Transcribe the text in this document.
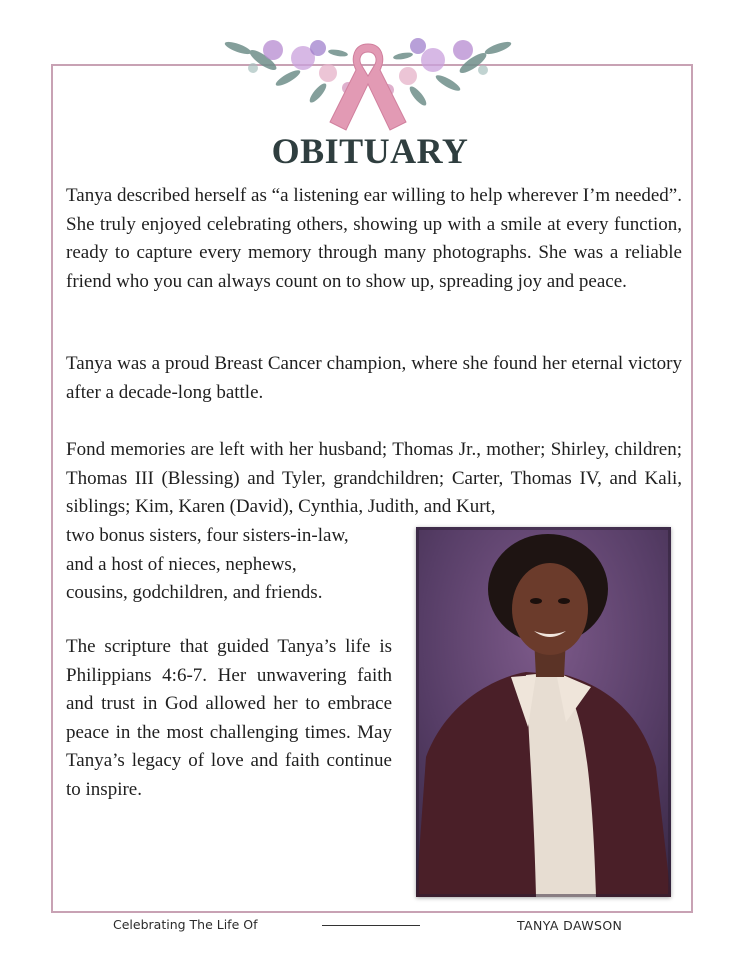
OBITUARY
Tanya described herself as “a listening ear willing to help wherever I’m needed”. She truly enjoyed celebrating others, showing up with a smile at every function, ready to capture every memory through many photographs. She was a reliable friend who you can always count on to show up, spreading joy and peace.
Tanya was a proud Breast Cancer champion, where she found her eternal victory after a decade-long battle.
Fond memories are left with her husband; Thomas Jr., mother; Shirley, children; Thomas III (Blessing) and Tyler, grandchildren; Carter, Thomas IV, and Kali, siblings; Kim, Karen (David), Cynthia, Judith, and Kurt,
two bonus sisters, four sisters-in-law,
and a host of nieces, nephews,
cousins, godchildren, and friends.
The scripture that guided Tanya’s life is Philippians 4:6-7. Her unwavering faith and trust in God allowed her to embrace peace in the most challenging times. May Tanya’s legacy of love and faith continue to inspire.
Celebrating The Life Of	TANYA DAWSON
